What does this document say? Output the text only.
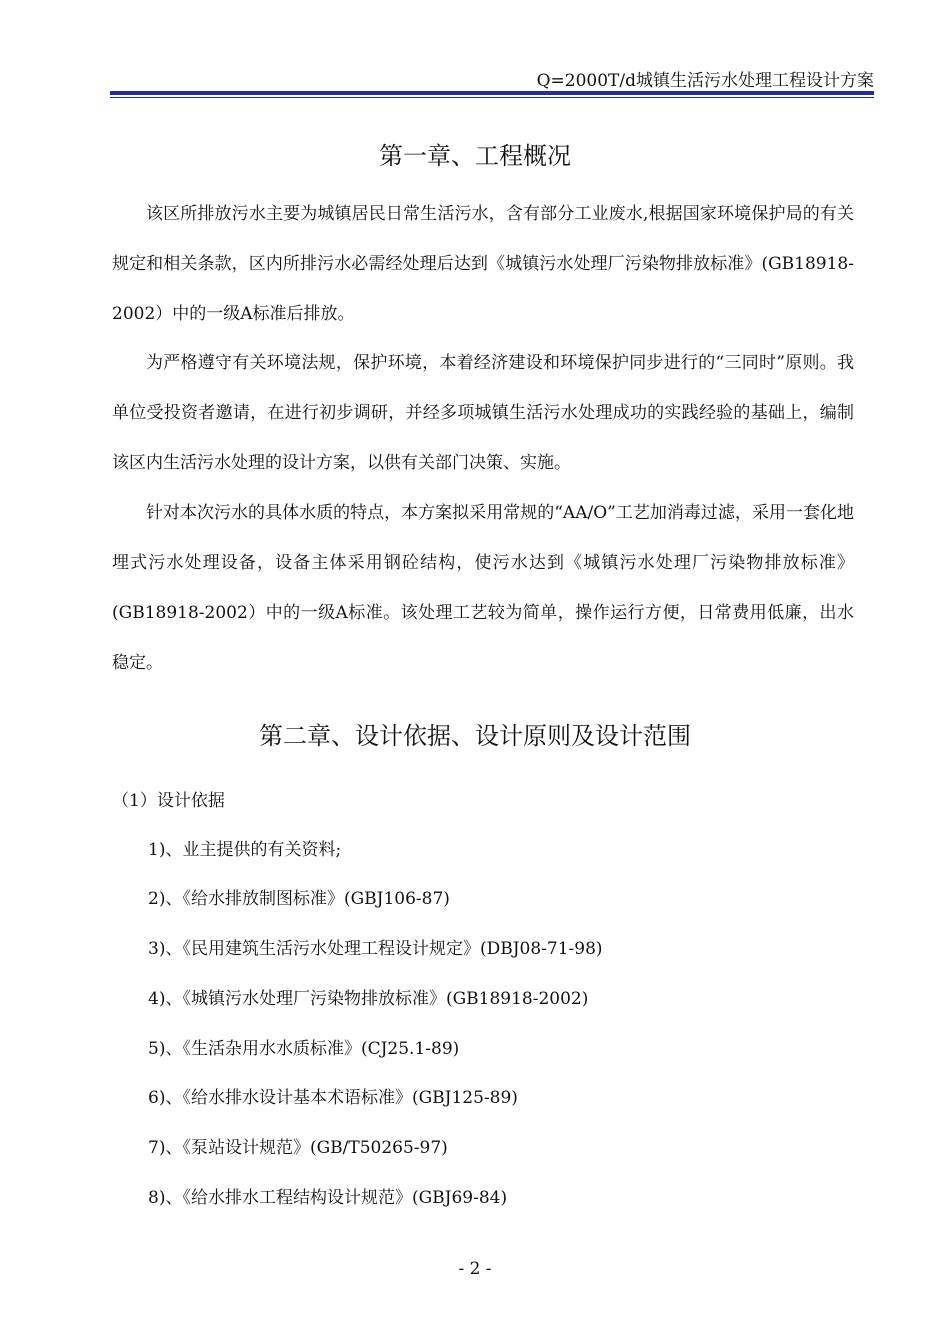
Q=2000T/d城镇生活污水处理工程设计方案
第一章、工程概况
该区所排放污水主要为城镇居民日常生活污水，含有部分工业废水,根据国家环境保护局的有关规定和相关条款，区内所排污水必需经处理后达到《城镇污水处理厂污染物排放标准》(GB18918-2002）中的一级A标准后排放。
为严格遵守有关环境法规，保护环境，本着经济建设和环境保护同步进行的“三同时”原则。我单位受投资者邀请，在进行初步调研，并经多项城镇生活污水处理成功的实践经验的基础上，编制该区内生活污水处理的设计方案，以供有关部门决策、实施。
针对本次污水的具体水质的特点，本方案拟采用常规的“AA/O”工艺加消毒过滤，采用一套化地埋式污水处理设备，设备主体采用钢砼结构，使污水达到《城镇污水处理厂污染物排放标准》(GB18918-2002）中的一级A标准。该处理工艺较为简单，操作运行方便，日常费用低廉，出水稳定。
第二章、设计依据、设计原则及设计范围
（1）设计依据
1)、业主提供的有关资料;
2)、《给水排放制图标准》(GBJ106-87)
3)、《民用建筑生活污水处理工程设计规定》(DBJ08-71-98)
4)、《城镇污水处理厂污染物排放标准》(GB18918-2002)
5)、《生活杂用水水质标准》(CJ25.1-89)
6)、《给水排水设计基本术语标准》(GBJ125-89)
7)、《泵站设计规范》(GB/T50265-97)
8)、《给水排水工程结构设计规范》(GBJ69-84)
- 2 -
